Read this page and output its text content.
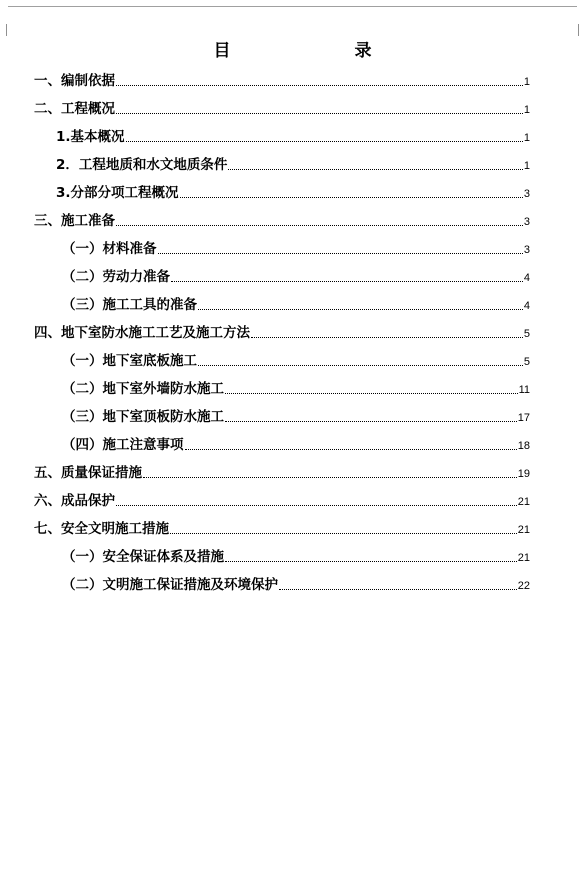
目　　录
一、编制依据	1
二、工程概况	1
1.基本概况	1
2．工程地质和水文地质条件	1
3.分部分项工程概况	3
三、施工准备	3
（一）材料准备	3
（二）劳动力准备	4
（三）施工工具的准备	4
四、地下室防水施工工艺及施工方法	5
（一）地下室底板施工	5
（二）地下室外墙防水施工	11
（三）地下室顶板防水施工	17
（四）施工注意事项	18
五、质量保证措施	19
六、成品保护	21
七、安全文明施工措施	21
（一）安全保证体系及措施	21
（二）文明施工保证措施及环境保护	22
